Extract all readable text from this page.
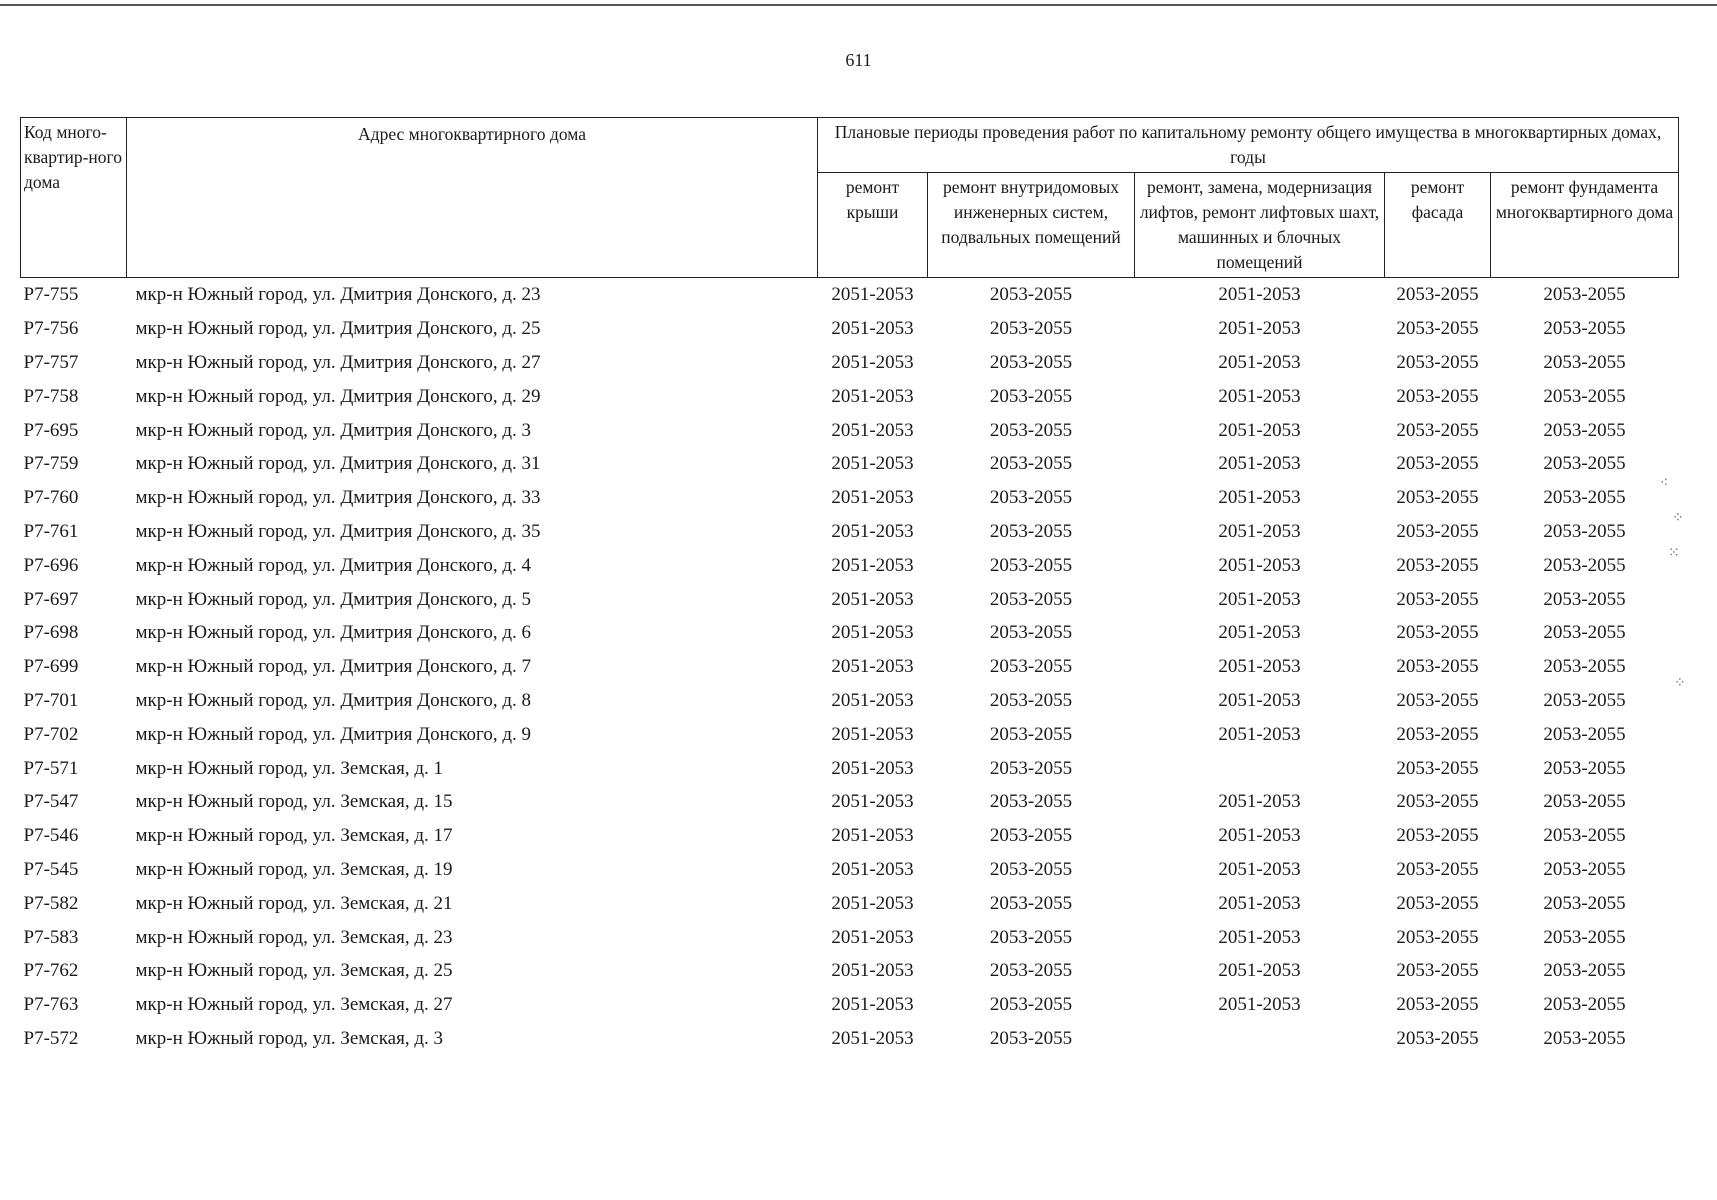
611
Код много-квартир-ного дома	Адрес многоквартирного дома	Плановые периоды проведения работ по капитальному ремонту общего имущества в многоквартирных домах, годы				
		ремонт крыши	ремонт внутридомовых инженерных систем, подвальных помещений	ремонт, замена, модернизация лифтов, ремонт лифтовых шахт, машинных и блочных помещений	ремонт фасада	ремонт фундамента многоквартирного дома
Р7-755	мкр-н Южный город, ул. Дмитрия Донского, д. 23	2051-2053	2053-2055	2051-2053	2053-2055	2053-2055
Р7-756	мкр-н Южный город, ул. Дмитрия Донского, д. 25	2051-2053	2053-2055	2051-2053	2053-2055	2053-2055
Р7-757	мкр-н Южный город, ул. Дмитрия Донского, д. 27	2051-2053	2053-2055	2051-2053	2053-2055	2053-2055
Р7-758	мкр-н Южный город, ул. Дмитрия Донского, д. 29	2051-2053	2053-2055	2051-2053	2053-2055	2053-2055
Р7-695	мкр-н Южный город, ул. Дмитрия Донского, д. 3	2051-2053	2053-2055	2051-2053	2053-2055	2053-2055
Р7-759	мкр-н Южный город, ул. Дмитрия Донского, д. 31	2051-2053	2053-2055	2051-2053	2053-2055	2053-2055
Р7-760	мкр-н Южный город, ул. Дмитрия Донского, д. 33	2051-2053	2053-2055	2051-2053	2053-2055	2053-2055
Р7-761	мкр-н Южный город, ул. Дмитрия Донского, д. 35	2051-2053	2053-2055	2051-2053	2053-2055	2053-2055
Р7-696	мкр-н Южный город, ул. Дмитрия Донского, д. 4	2051-2053	2053-2055	2051-2053	2053-2055	2053-2055
Р7-697	мкр-н Южный город, ул. Дмитрия Донского, д. 5	2051-2053	2053-2055	2051-2053	2053-2055	2053-2055
Р7-698	мкр-н Южный город, ул. Дмитрия Донского, д. 6	2051-2053	2053-2055	2051-2053	2053-2055	2053-2055
Р7-699	мкр-н Южный город, ул. Дмитрия Донского, д. 7	2051-2053	2053-2055	2051-2053	2053-2055	2053-2055
Р7-701	мкр-н Южный город, ул. Дмитрия Донского, д. 8	2051-2053	2053-2055	2051-2053	2053-2055	2053-2055
Р7-702	мкр-н Южный город, ул. Дмитрия Донского, д. 9	2051-2053	2053-2055	2051-2053	2053-2055	2053-2055
Р7-571	мкр-н Южный город, ул. Земская, д. 1	2051-2053	2053-2055		2053-2055	2053-2055
Р7-547	мкр-н Южный город, ул. Земская, д. 15	2051-2053	2053-2055	2051-2053	2053-2055	2053-2055
Р7-546	мкр-н Южный город, ул. Земская, д. 17	2051-2053	2053-2055	2051-2053	2053-2055	2053-2055
Р7-545	мкр-н Южный город, ул. Земская, д. 19	2051-2053	2053-2055	2051-2053	2053-2055	2053-2055
Р7-582	мкр-н Южный город, ул. Земская, д. 21	2051-2053	2053-2055	2051-2053	2053-2055	2053-2055
Р7-583	мкр-н Южный город, ул. Земская, д. 23	2051-2053	2053-2055	2051-2053	2053-2055	2053-2055
Р7-762	мкр-н Южный город, ул. Земская, д. 25	2051-2053	2053-2055	2051-2053	2053-2055	2053-2055
Р7-763	мкр-н Южный город, ул. Земская, д. 27	2051-2053	2053-2055	2051-2053	2053-2055	2053-2055
Р7-572	мкр-н Южный город, ул. Земская, д. 3	2051-2053	2053-2055		2053-2055	2053-2055
⁖
⁘
⁙
⁘
